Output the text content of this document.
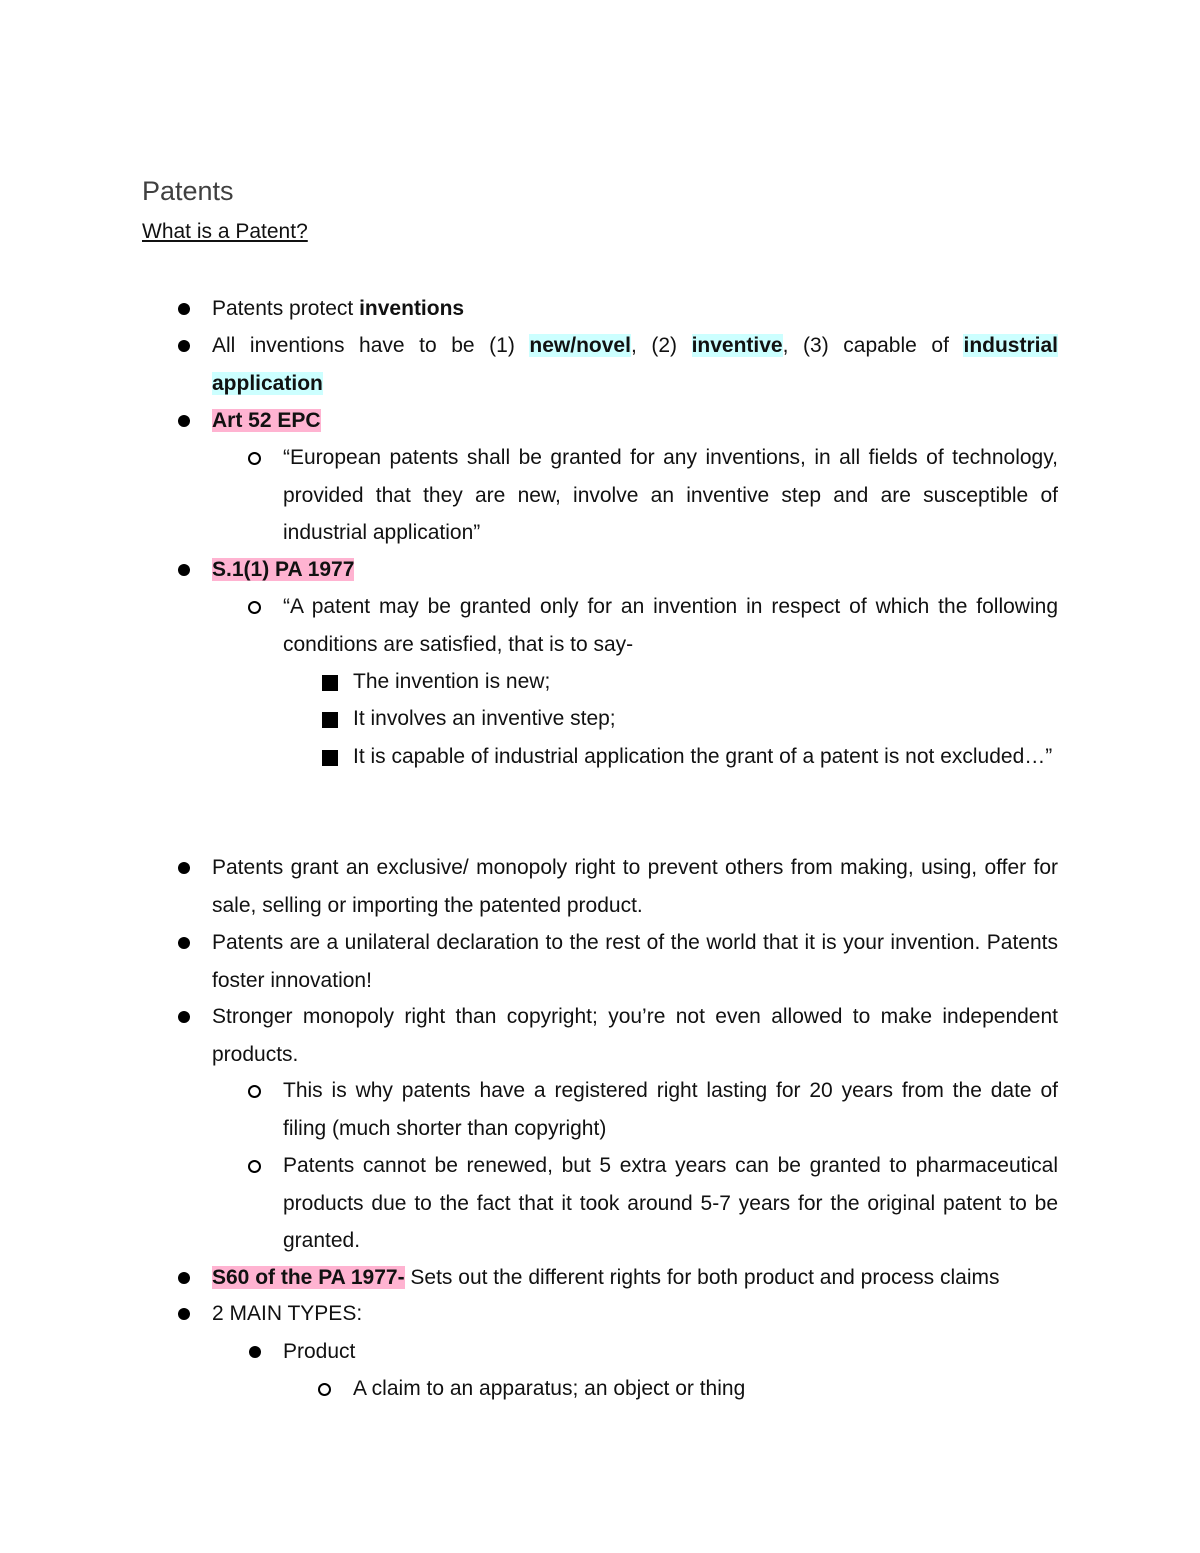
Patents
What is a Patent?
Patents protect inventions
All inventions have to be (1) new/novel, (2) inventive, (3) capable of industrial application
Art 52 EPC
“European patents shall be granted for any inventions, in all fields of technology, provided that they are new, involve an inventive step and are susceptible of industrial application”
S.1(1) PA 1977
“A patent may be granted only for an invention in respect of which the following conditions are satisfied, that is to say-
The invention is new;
It involves an inventive step;
It is capable of industrial application the grant of a patent is not excluded…”
Patents grant an exclusive/ monopoly right to prevent others from making, using, offer for sale, selling or importing the patented product.
Patents are a unilateral declaration to the rest of the world that it is your invention. Patents foster innovation!
Stronger monopoly right than copyright; you’re not even allowed to make independent products.
This is why patents have a registered right lasting for 20 years from the date of filing (much shorter than copyright)
Patents cannot be renewed, but 5 extra years can be granted to pharmaceutical products due to the fact that it took around 5-7 years for the original patent to be granted.
S60 of the PA 1977- Sets out the different rights for both product and process claims
2 MAIN TYPES:
Product
A claim to an apparatus; an object or thing
